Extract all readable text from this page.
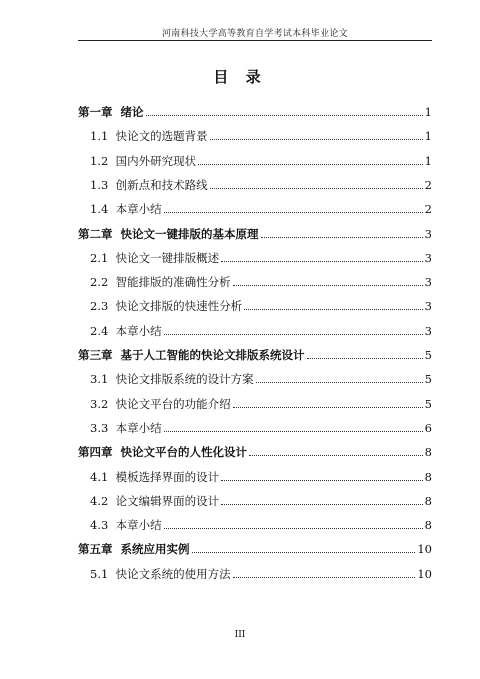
河南科技大学高等教育自学考试本科毕业论文
目 录
第一章 绪论	1
1.1 快论文的选题背景	1
1.2 国内外研究现状	1
1.3 创新点和技术路线	2
1.4 本章小结	2
第二章 快论文一键排版的基本原理	3
2.1 快论文一键排版概述	3
2.2 智能排版的准确性分析	3
2.3 快论文排版的快速性分析	3
2.4 本章小结	3
第三章 基于人工智能的快论文排版系统设计	5
3.1 快论文排版系统的设计方案	5
3.2 快论文平台的功能介绍	5
3.3 本章小结	6
第四章 快论文平台的人性化设计	8
4.1 模板选择界面的设计	8
4.2 论文编辑界面的设计	8
4.3 本章小结	8
第五章 系统应用实例	10
5.1 快论文系统的使用方法	10
III
